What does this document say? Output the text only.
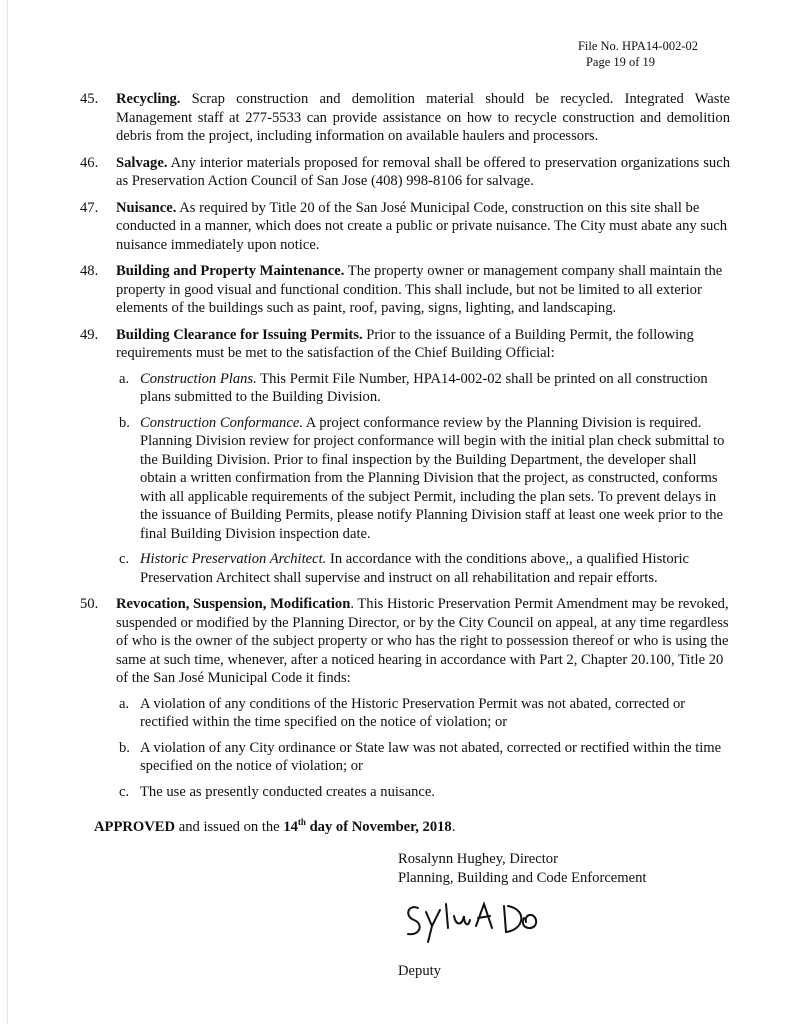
File No. HPA14-002-02
Page 19 of 19
45. Recycling. Scrap construction and demolition material should be recycled. Integrated Waste Management staff at 277-5533 can provide assistance on how to recycle construction and demolition debris from the project, including information on available haulers and processors.
46. Salvage. Any interior materials proposed for removal shall be offered to preservation organizations such as Preservation Action Council of San Jose (408) 998-8106 for salvage.
47. Nuisance. As required by Title 20 of the San José Municipal Code, construction on this site shall be conducted in a manner, which does not create a public or private nuisance. The City must abate any such nuisance immediately upon notice.
48. Building and Property Maintenance. The property owner or management company shall maintain the property in good visual and functional condition. This shall include, but not be limited to all exterior elements of the buildings such as paint, roof, paving, signs, lighting, and landscaping.
49. Building Clearance for Issuing Permits. Prior to the issuance of a Building Permit, the following requirements must be met to the satisfaction of the Chief Building Official:
a. Construction Plans. This Permit File Number, HPA14-002-02 shall be printed on all construction plans submitted to the Building Division.
b. Construction Conformance. A project conformance review by the Planning Division is required. Planning Division review for project conformance will begin with the initial plan check submittal to the Building Division. Prior to final inspection by the Building Department, the developer shall obtain a written confirmation from the Planning Division that the project, as constructed, conforms with all applicable requirements of the subject Permit, including the plan sets. To prevent delays in the issuance of Building Permits, please notify Planning Division staff at least one week prior to the final Building Division inspection date.
c. Historic Preservation Architect. In accordance with the conditions above,, a qualified Historic Preservation Architect shall supervise and instruct on all rehabilitation and repair efforts.
50. Revocation, Suspension, Modification. This Historic Preservation Permit Amendment may be revoked, suspended or modified by the Planning Director, or by the City Council on appeal, at any time regardless of who is the owner of the subject property or who has the right to possession thereof or who is using the same at such time, whenever, after a noticed hearing in accordance with Part 2, Chapter 20.100, Title 20 of the San José Municipal Code it finds:
a. A violation of any conditions of the Historic Preservation Permit was not abated, corrected or rectified within the time specified on the notice of violation; or
b. A violation of any City ordinance or State law was not abated, corrected or rectified within the time specified on the notice of violation; or
c. The use as presently conducted creates a nuisance.
APPROVED and issued on the 14th day of November, 2018.
Rosalynn Hughey, Director
Planning, Building and Code Enforcement
Deputy
